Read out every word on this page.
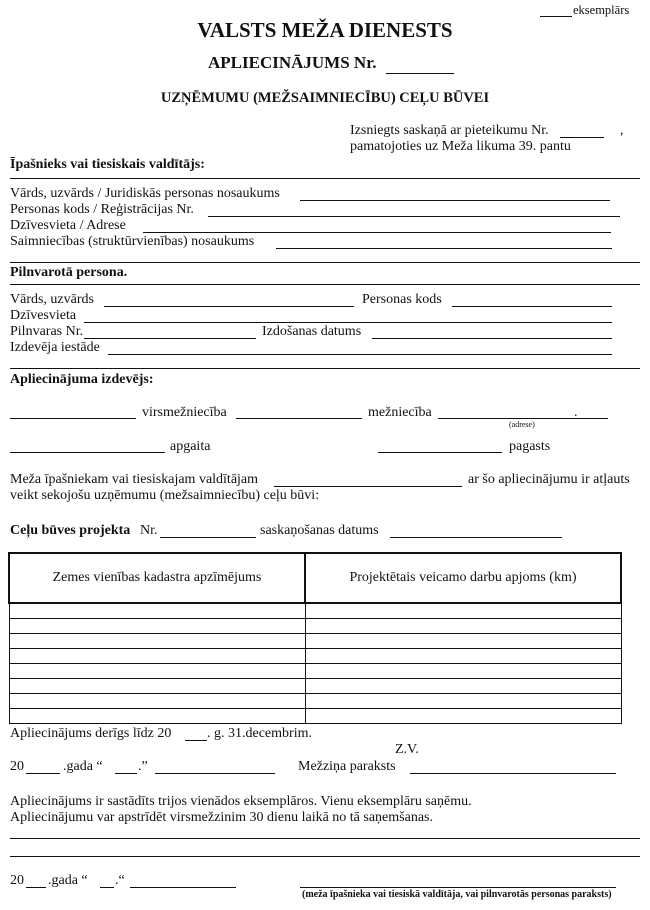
eksemplārs
VALSTS MEŽA DIENESTS
APLIECINĀJUMS Nr.
UZŅĒMUMU (MEŽSAIMNIECĪBU) CEĻU BŪVEI
Izsniegts saskaņā ar pieteikumu Nr.	,
pamatojoties uz Meža likuma 39. pantu
Īpašnieks vai tiesiskais valdītājs:
Vārds, uzvārds / Juridiskās personas nosaukums
Personas kods / Reģistrācijas Nr.
Dzīvesvieta / Adrese
Saimniecības (struktūrvienības) nosaukums
Pilnvarotā persona.
Vārds, uzvārds	Personas kods
Dzīvesvieta
Pilnvaras Nr.	Izdošanas datums
Izdevēja iestāde
Apliecinājuma izdevējs:
virsmežniecība	mežniecība	.
(adrese)
apgaita	pagasts
Meža īpašniekam vai tiesiskajam valdītājam	ar šo apliecinājumu ir atļauts
veikt sekojošu uzņēmumu (mežsaimniecību) ceļu būvi:
Ceļu būves projekta Nr.	saskaņošanas datums
Zemes vienības kadastra apzīmējums	Projektētais veicamo darbu apjoms (km)

Apliecinājums derīgs līdz 20	. g. 31.decembrim.
Z.V.
20	.gada “	.”	Mežziņa paraksts
Apliecinājums ir sastādīts trijos vienādos eksemplāros. Vienu eksemplāru saņēmu.
Apliecinājumu var apstrīdēt virsmežzinim 30 dienu laikā no tā saņemšanas.
20 .gada “ .“
(meža īpašnieka vai tiesiskā valdītāja, vai pilnvarotās personas paraksts)
